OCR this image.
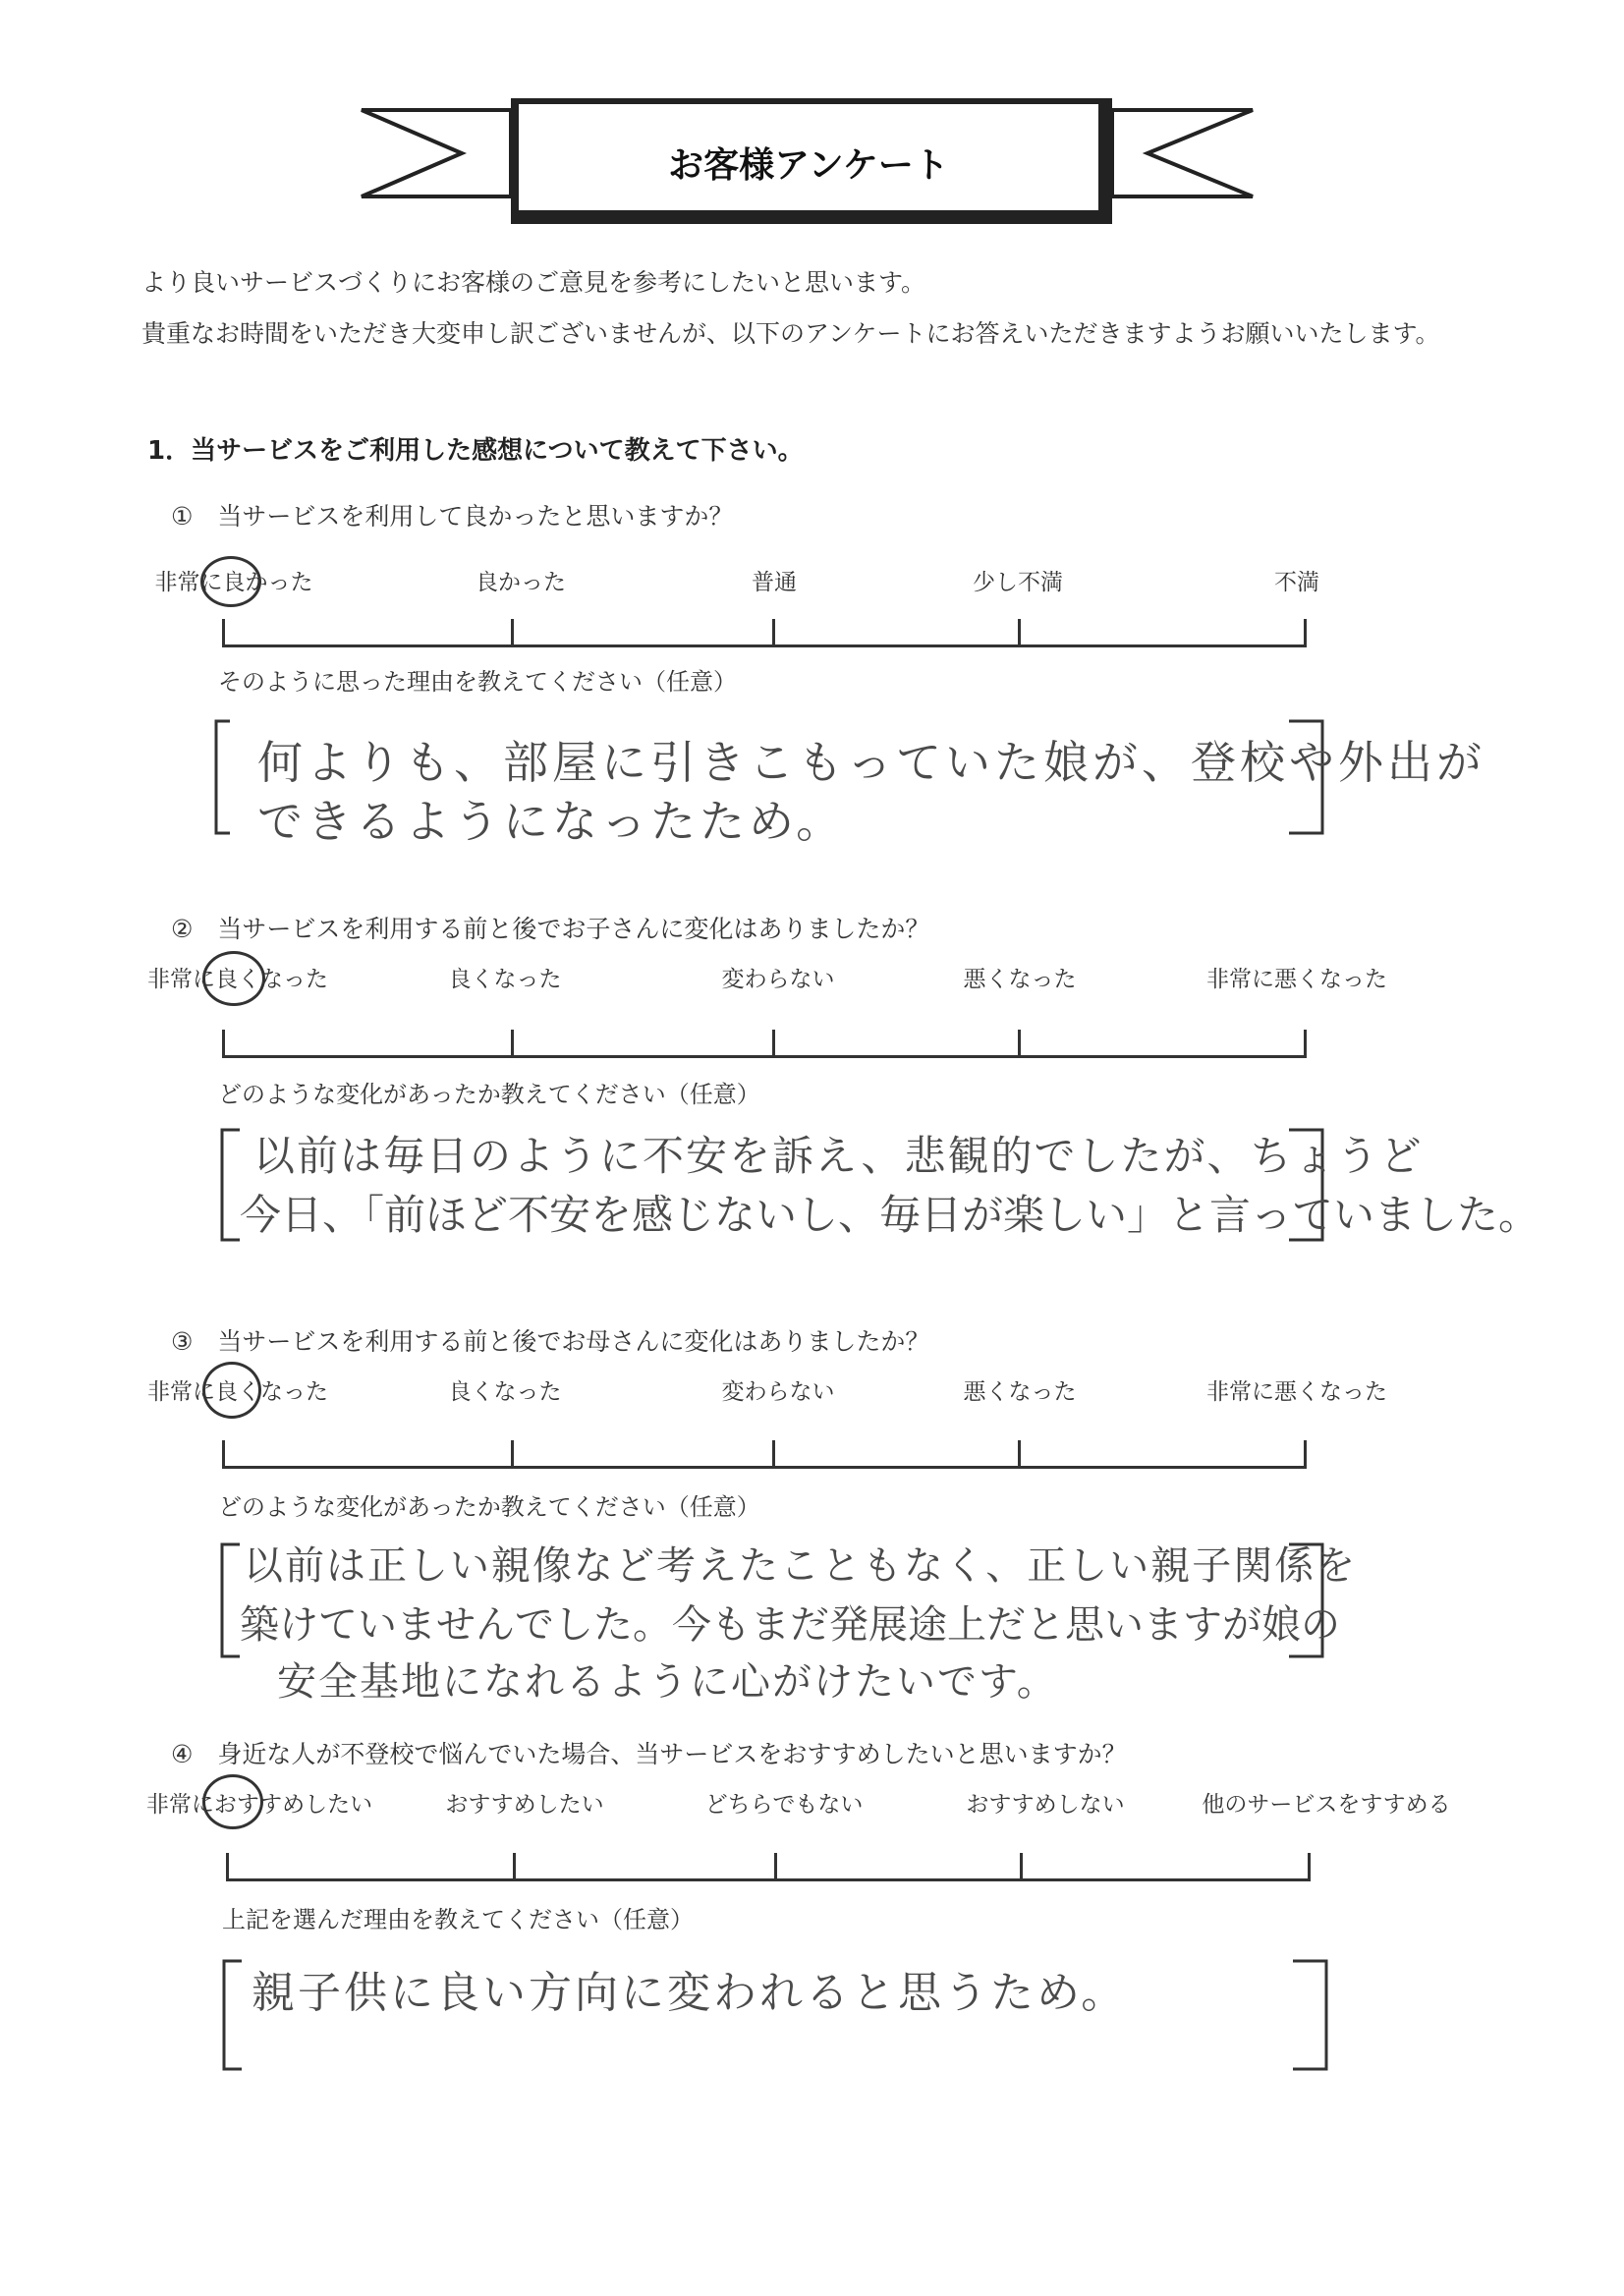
お客様アンケート
より良いサービスづくりにお客様のご意見を参考にしたいと思います。
貴重なお時間をいただき大変申し訳ございませんが、以下のアンケートにお答えいただきますようお願いいたします。
1．当サービスをご利用した感想について教えて下さい。
①　当サービスを利用して良かったと思いますか？
非常に良かった	良かった	普通	少し不満	不満
そのように思った理由を教えてください（任意）
何よりも、部屋に引きこもっていた娘が、登校や外出が
できるようになったため。
②　当サービスを利用する前と後でお子さんに変化はありましたか？
非常に良くなった	良くなった	変わらない	悪くなった	非常に悪くなった
どのような変化があったか教えてください（任意）
以前は毎日のように不安を訴え、悲観的でしたが、ちょうど
今日、「前ほど不安を感じないし、毎日が楽しい」と言っていました。
③　当サービスを利用する前と後でお母さんに変化はありましたか？
非常に良くなった	良くなった	変わらない	悪くなった	非常に悪くなった
どのような変化があったか教えてください（任意）
以前は正しい親像など考えたこともなく、正しい親子関係を
築けていませんでした。今もまだ発展途上だと思いますが娘の
安全基地になれるように心がけたいです。
④　身近な人が不登校で悩んでいた場合、当サービスをおすすめしたいと思いますか？
非常におすすめしたい	おすすめしたい	どちらでもない	おすすめしない	他のサービスをすすめる
上記を選んだ理由を教えてください（任意）
親子供に良い方向に変われると思うため。
